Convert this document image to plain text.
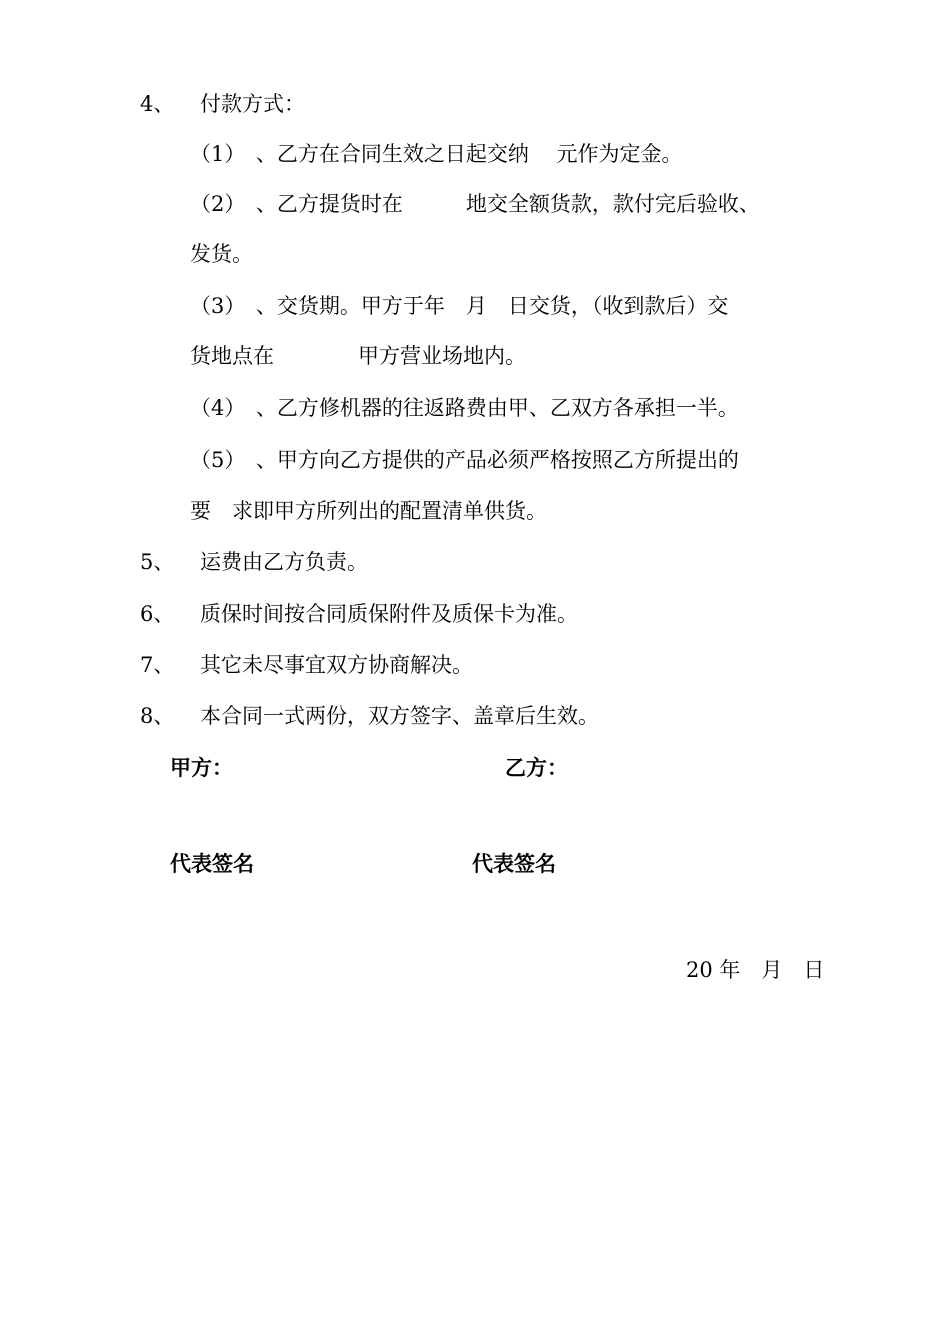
4、 付款方式：
（1）　、乙方在合同生效之日起交纳　 元作为定金。
（2）　、乙方提货时在　　　地交全额货款，款付完后验收、
发货。
（3）　、交货期。甲方于年　月　日交货，（收到款后）交
货地点在　　　　甲方营业场地内。
（4）　、乙方修机器的往返路费由甲、乙双方各承担一半。
（5）　、甲方向乙方提供的产品必须严格按照乙方所提出的
要　求即甲方所列出的配置清单供货。
5、 运费由乙方负责。
6、 质保时间按合同质保附件及质保卡为准。
7、 其它未尽事宜双方协商解决。
8、 本合同一式两份，双方签字、盖章后生效。
甲方：	乙方：
代表签名	代表签名
20 年　月　日
